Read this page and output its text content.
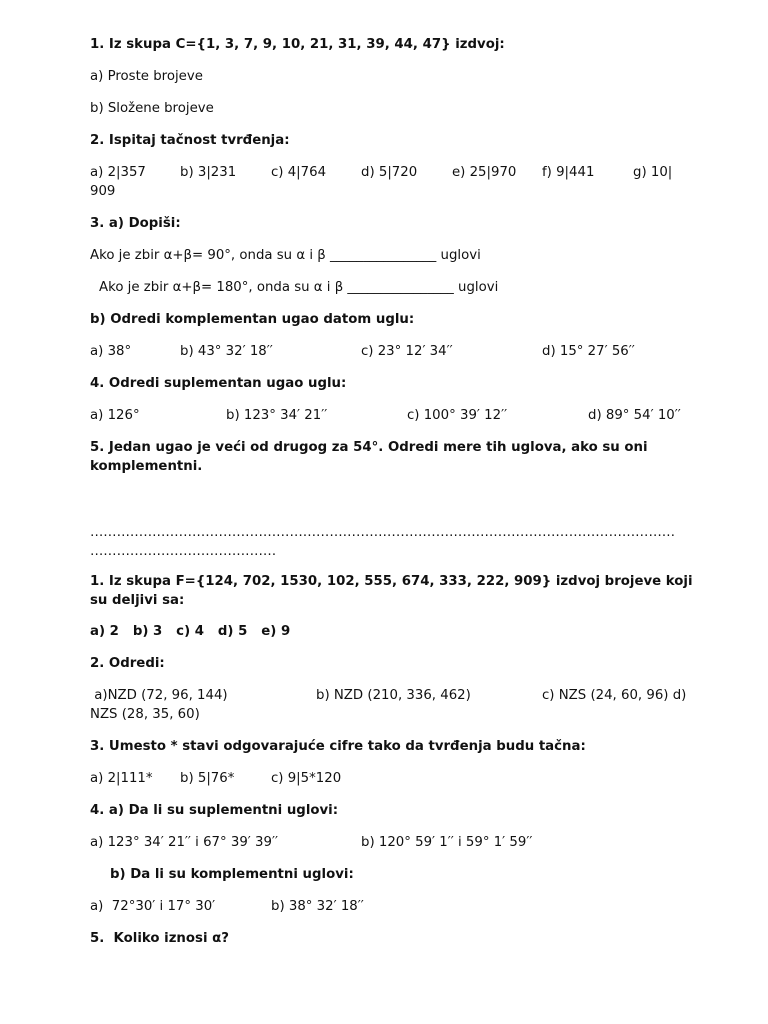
1. Iz skupa C={1, 3, 7, 9, 10, 21, 31, 39, 44, 47} izdvoj:
a) Proste brojeve
b) Složene brojeve
2. Ispitaj tačnost tvrđenja:
a) 2|357	b) 3|231	c) 4|764	d) 5|720	e) 25|970 f) 9|441	g) 10|
909
3. a) Dopiši:
Ako je zbir α+β= 90°, onda su α i β ________________ uglovi
Ako je zbir α+β= 180°, onda su α i β ________________ uglovi
b) Odredi komplementan ugao datom uglu:
a) 38°	b) 43° 32′ 18′′	c) 23° 12′ 34′′	d) 15° 27′ 56′′
4. Odredi suplementan ugao uglu:
a) 126°	b) 123° 34′ 21′′	c) 100° 39′ 12′′	d) 89° 54′ 10′′
5. Jedan ugao je veći od drugog za 54°. Odredi mere tih uglova, ako su oni komplementni.
……………………………………………………………………………………………………………………
……………………………………
1. Iz skupa F={124, 702, 1530, 102, 555, 674, 333, 222, 909} izdvoj brojeve koji su deljivi sa:
a) 2   b) 3   c) 4   d) 5   e) 9
2. Odredi:
a)NZD (72, 96, 144)	b) NZD (210, 336, 462)	c) NZS (24, 60, 96) d)
NZS (28, 35, 60)
3. Umesto * stavi odgovarajuće cifre tako da tvrđenja budu tačna:
a) 2|111* b) 5|76*	c) 9|5*120
4. a) Da li su suplementni uglovi:
a) 123° 34′ 21′′ i 67° 39′ 39′′	b) 120° 59′ 1′′ i 59° 1′ 59′′
b) Da li su komplementni uglovi:
a)  72°30′ i 17° 30′	b) 38° 32′ 18′′
5.  Koliko iznosi α?
